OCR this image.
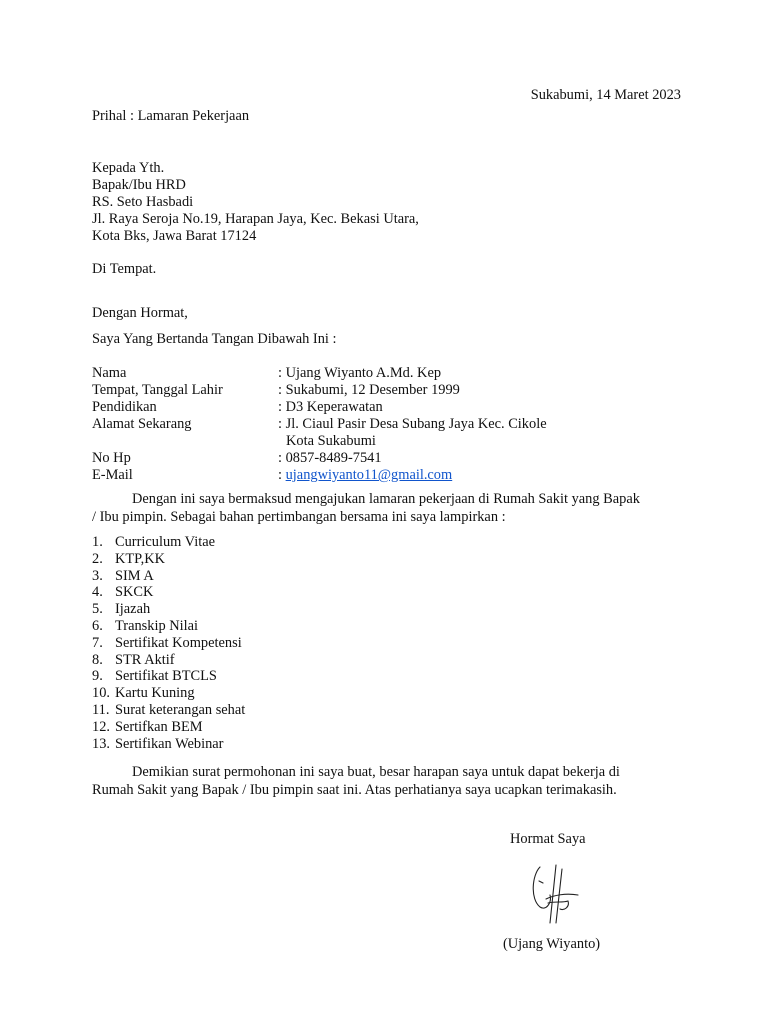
Sukabumi, 14 Maret 2023
Prihal : Lamaran Pekerjaan
Kepada Yth.
Bapak/Ibu HRD
RS. Seto Hasbadi
Jl. Raya Seroja No.19, Harapan Jaya, Kec. Bekasi Utara,
Kota Bks, Jawa Barat 17124
Di Tempat.
Dengan Hormat,
Saya Yang Bertanda Tangan Dibawah Ini :
Nama	: Ujang Wiyanto A.Md. Kep
Tempat, Tanggal Lahir	: Sukabumi, 12 Desember 1999
Pendidikan	: D3 Keperawatan
Alamat Sekarang	: Jl. Ciaul Pasir Desa Subang Jaya Kec. Cikole
Kota Sukabumi
No Hp	: 0857-8489-7541
E-Mail	: ujangwiyanto11@gmail.com
Dengan ini saya bermaksud mengajukan lamaran pekerjaan di Rumah Sakit yang Bapak
/ Ibu pimpin. Sebagai bahan pertimbangan bersama ini saya lampirkan :
1. Curriculum Vitae
2. KTP,KK
3. SIM A
4. SKCK
5. Ijazah
6. Transkip Nilai
7. Sertifikat Kompetensi
8. STR Aktif
9. Sertifikat BTCLS
10. Kartu Kuning
11. Surat keterangan sehat
12. Sertifkan BEM
13. Sertifikan Webinar
Demikian surat permohonan ini saya buat, besar harapan saya untuk dapat bekerja di
Rumah Sakit yang Bapak / Ibu pimpin saat ini. Atas perhatianya saya ucapkan terimakasih.
Hormat Saya
(Ujang Wiyanto)
